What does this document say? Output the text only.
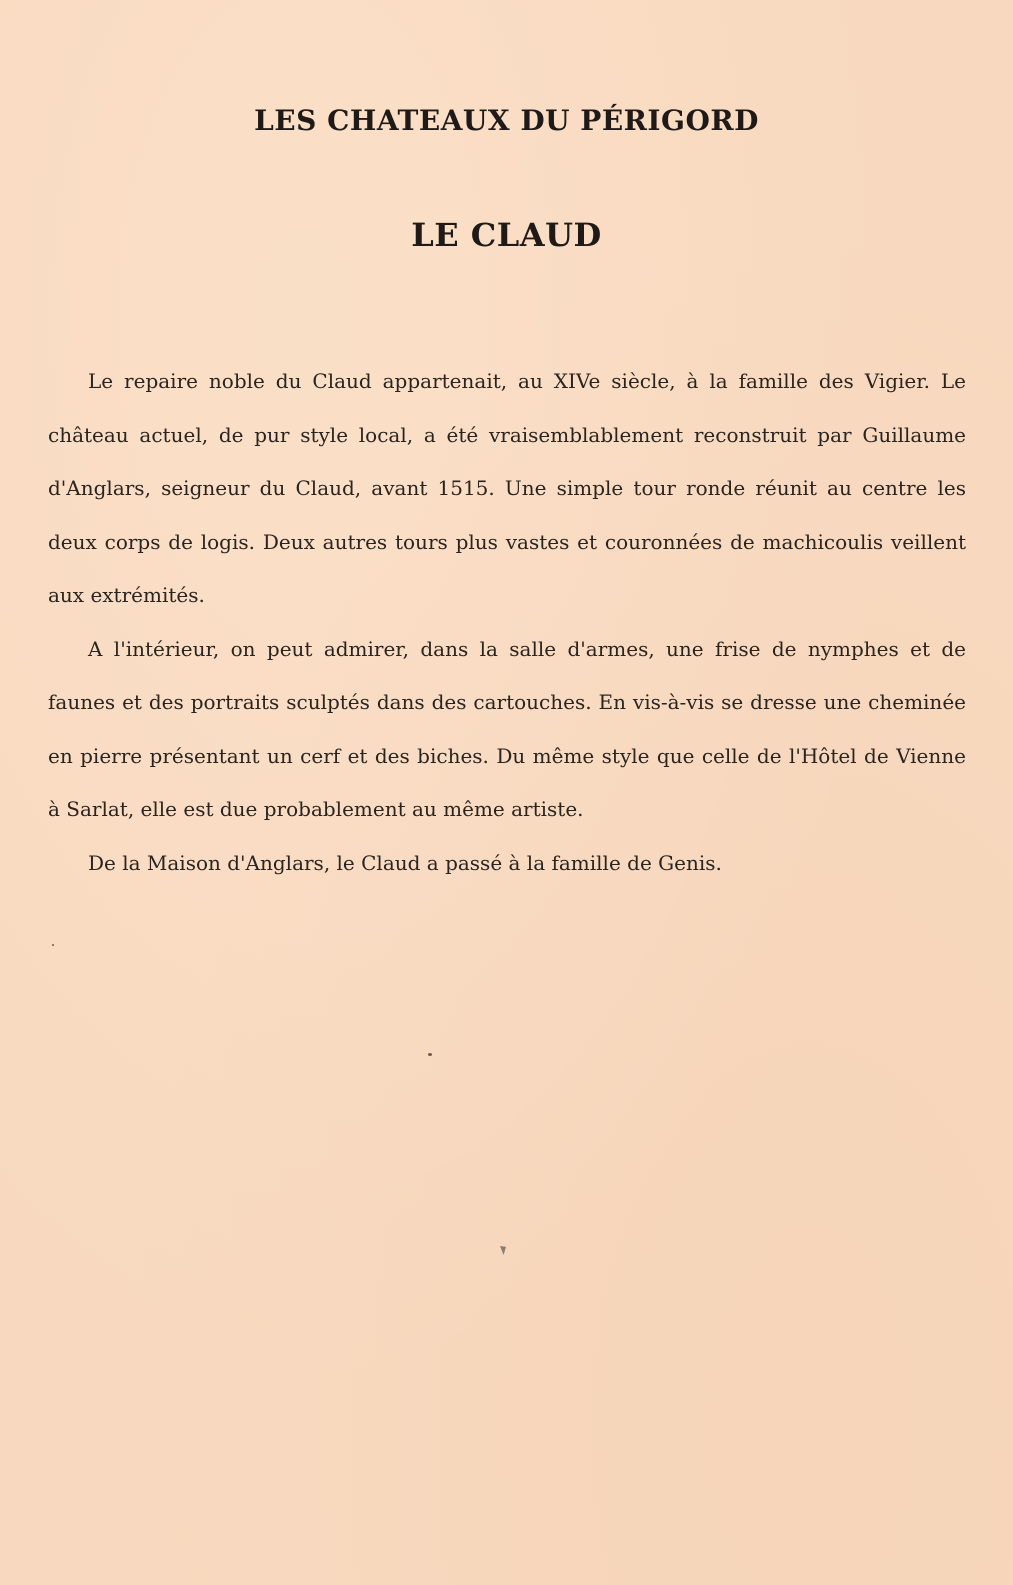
LES CHATEAUX DU PÉRIGORD
LE CLAUD

Le repaire noble du Claud appartenait, au XIVe siècle, à la famille des Vigier. Le château actuel, de pur style local, a été vraisemblablement reconstruit par Guillaume d'Anglars, seigneur du Claud, avant 1515. Une simple tour ronde réunit au centre les deux corps de logis. Deux autres tours plus vastes et couronnées de machicoulis veillent aux extrémités.

A l'intérieur, on peut admirer, dans la salle d'armes, une frise de nymphes et de faunes et des portraits sculptés dans des cartouches. En vis-à-vis se dresse une cheminée en pierre présentant un cerf et des biches. Du même style que celle de l'Hôtel de Vienne à Sarlat, elle est due probablement au même artiste.

De la Maison d'Anglars, le Claud a passé à la famille de Genis.
